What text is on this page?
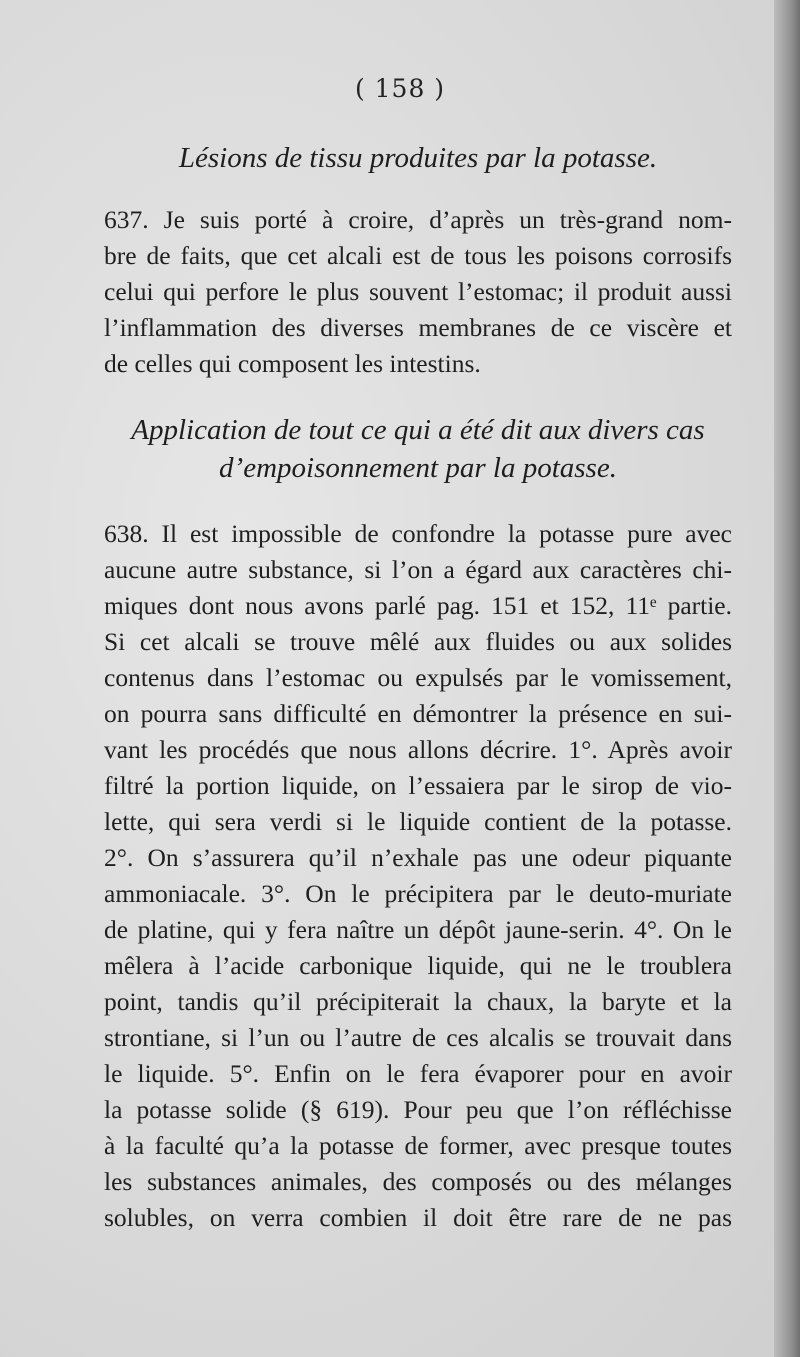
( 158 )
Lésions de tissu produites par la potasse.
637. Je suis porté à croire, d’après un très-grand nom-
bre de faits, que cet alcali est de tous les poisons corrosifs
celui qui perfore le plus souvent l’estomac; il produit aussi
l’inflammation des diverses membranes de ce viscère et
de celles qui composent les intestins.
Application de tout ce qui a été dit aux divers cas
d’empoisonnement par la potasse.
638. Il est impossible de confondre la potasse pure avec
aucune autre substance, si l’on a égard aux caractères chi-
miques dont nous avons parlé pag. 151 et 152, 11ᵉ partie.
Si cet alcali se trouve mêlé aux fluides ou aux solides
contenus dans l’estomac ou expulsés par le vomissement,
on pourra sans difficulté en démontrer la présence en sui-
vant les procédés que nous allons décrire. 1°. Après avoir
filtré la portion liquide, on l’essaiera par le sirop de vio-
lette, qui sera verdi si le liquide contient de la potasse.
2°. On s’assurera qu’il n’exhale pas une odeur piquante
ammoniacale. 3°. On le précipitera par le deuto-muriate
de platine, qui y fera naître un dépôt jaune-serin. 4°. On le
mêlera à l’acide carbonique liquide, qui ne le troublera
point, tandis qu’il précipiterait la chaux, la baryte et la
strontiane, si l’un ou l’autre de ces alcalis se trouvait dans
le liquide. 5°. Enfin on le fera évaporer pour en avoir
la potasse solide (§ 619). Pour peu que l’on réfléchisse
à la faculté qu’a la potasse de former, avec presque toutes
les substances animales, des composés ou des mélanges
solubles, on verra combien il doit être rare de ne pas
